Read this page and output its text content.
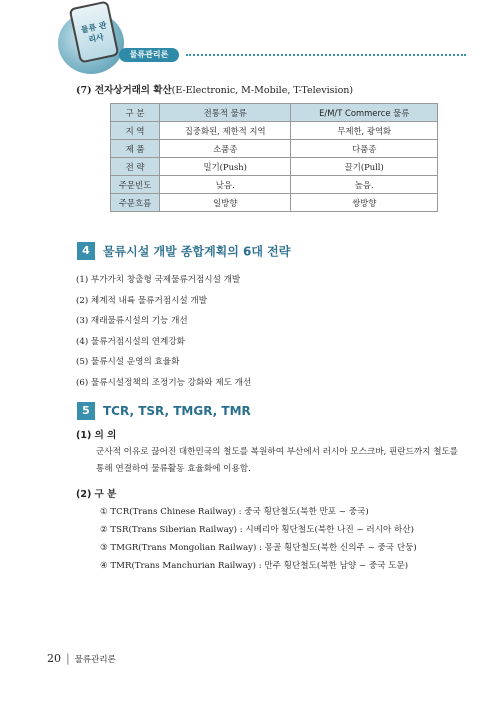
물류 관리사
물류관리론
(7) 전자상거래의 확산(E-Electronic, M-Mobile, T-Television)
구 분	전통적 물류	E/M/T Commerce 물류
지 역	집중화된, 제한적 지역	무제한, 광역화
제 품	소품종	다품종
전 략	밀기(Push)	끌기(Pull)
주문빈도	낮음.	높음.
주문흐름	일방향	쌍방향
4 물류시설 개발 종합계획의 6대 전략
(1) 부가가치 창출형 국제물류거점시설 개발
(2) 체계적 내륙 물류거점시설 개발
(3) 재래물류시설의 기능 개선
(4) 물류거점시설의 연계강화
(5) 물류시설 운영의 효율화
(6) 물류시설정책의 조정기능 강화와 제도 개선
5 TCR, TSR, TMGR, TMR
(1) 의 의
군사적 이유로 끊어진 대한민국의 철도를 복원하여 부산에서 러시아 모스크바, 핀란드까지 철도를 통해 연결하여 물류활동 효율화에 이용함.
(2) 구 분
① TCR(Trans Chinese Railway) : 중국 횡단철도(북한 만포 ~ 중국)
② TSR(Trans Siberian Railway) : 시베리아 횡단철도(북한 나진 ~ 러시아 하산)
③ TMGR(Trans Mongolian Railway) : 몽골 횡단철도(북한 신의주 ~ 중국 단둥)
④ TMR(Trans Manchurian Railway) : 만주 횡단철도(북한 남양 ~ 중국 도문)
20 | 물류관리론
